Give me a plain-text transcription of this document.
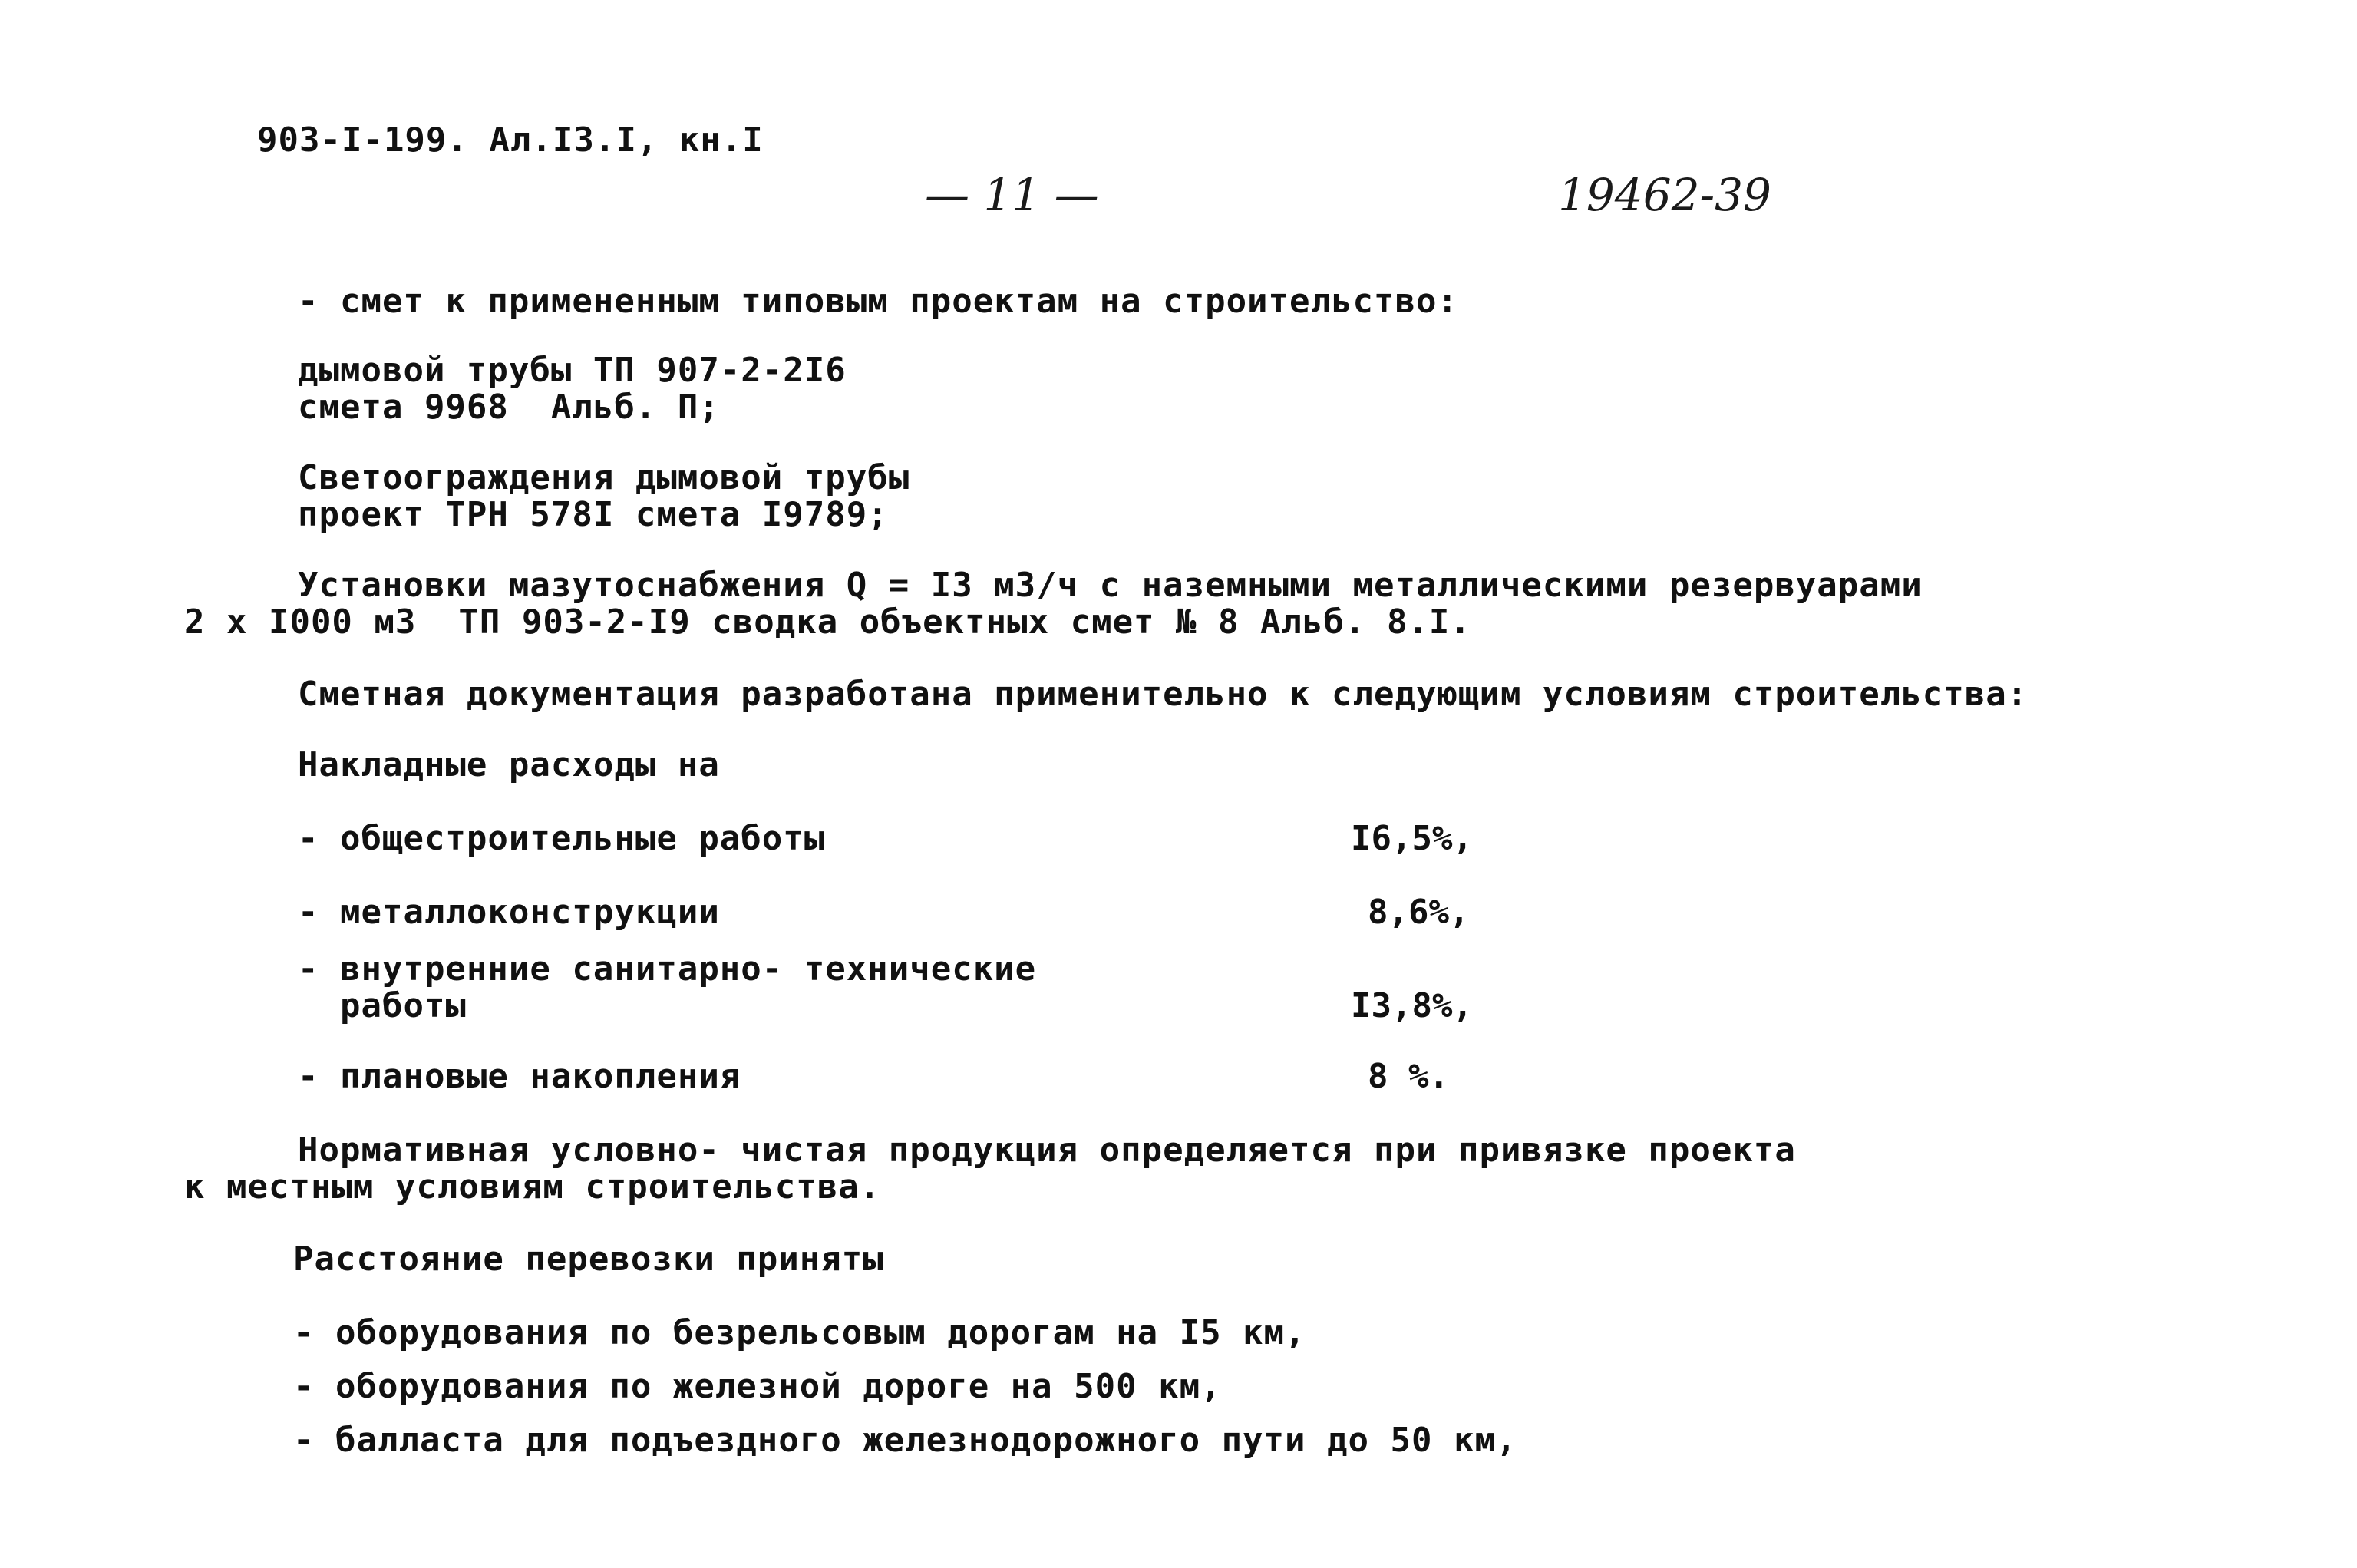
903-I-199. Ал.I3.I, кн.I
— 11 —	19462-39
- смет к примененным типовым проектам на строительство:
дымовой трубы ТП 907-2-2I6
смета 9968  Альб. П;
Светоограждения дымовой трубы
проект ТРН 578I смета I9789;
Установки мазутоснабжения Q = I3 м3/ч с наземными металлическими резервуарами
2 х I000 м3  ТП 903-2-I9 сводка объектных смет № 8 Альб. 8.I.
Сметная документация разработана применительно к следующим условиям строительства:
Накладные расходы на
- общестроительные работы	I6,5%,
- металлоконструкции	8,6%,
- внутренние санитарно- технические
работы	I3,8%,
- плановые накопления	8 %.
Нормативная условно- чистая продукция определяется при привязке проекта
к местным условиям строительства.
Расстояние перевозки приняты
- оборудования по безрельсовым дорогам на I5 км,
- оборудования по железной дороге на 500 км,
- балласта для подъездного железнодорожного пути до 50 км,
